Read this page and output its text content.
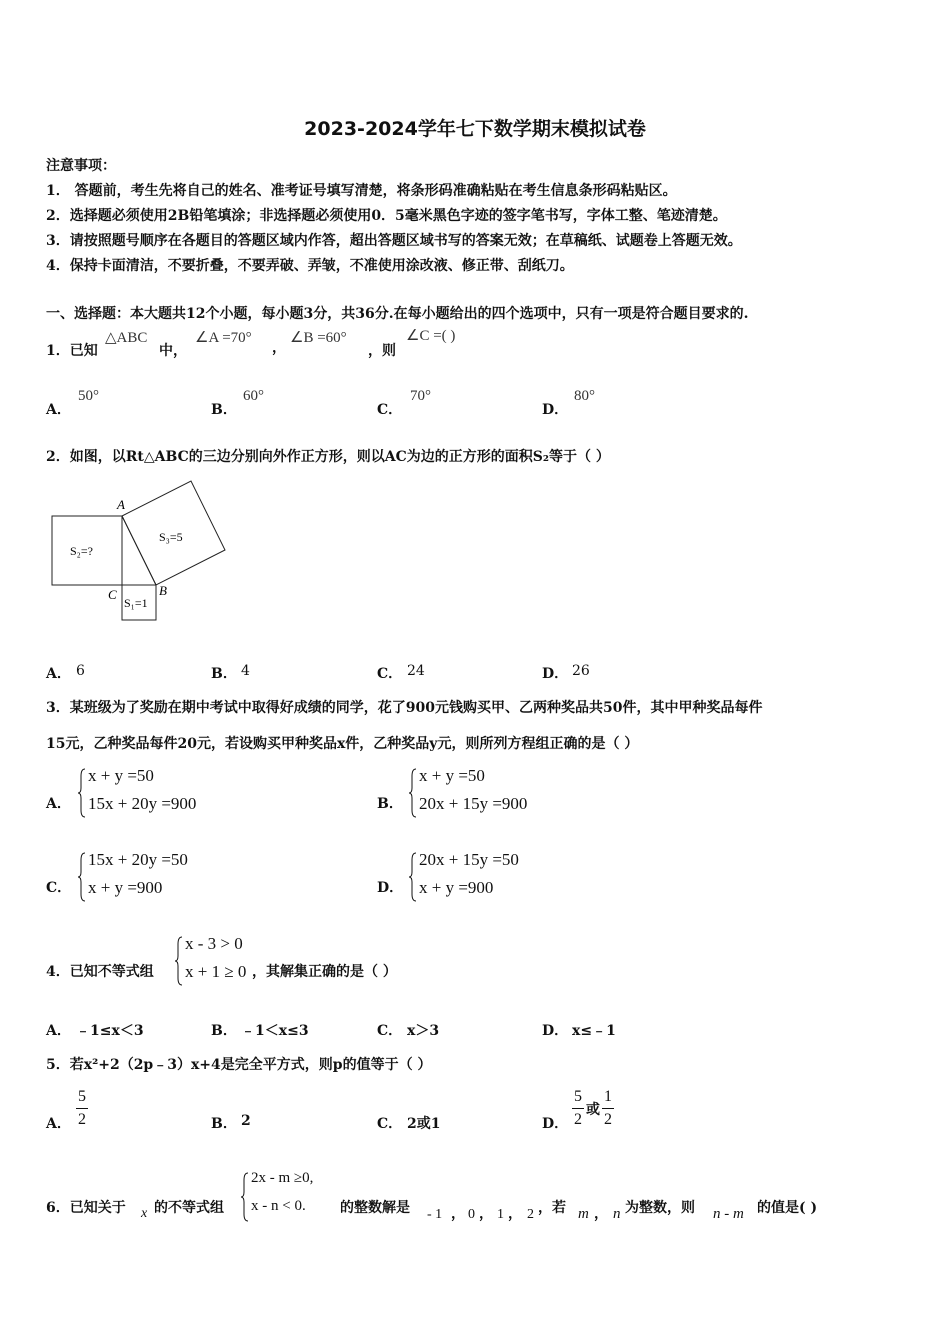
2023-2024学年七下数学期末模拟试卷
注意事项：
1． 答题前，考生先将自己的姓名、准考证号填写清楚，将条形码准确粘贴在考生信息条形码粘贴区。
2．选择题必须使用2B铅笔填涂；非选择题必须使用0．5毫米黑色字迹的签字笔书写，字体工整、笔迹清楚。
3．请按照题号顺序在各题目的答题区域内作答，超出答题区域书写的答案无效；在草稿纸、试题卷上答题无效。
4．保持卡面清洁，不要折叠，不要弄破、弄皱，不准使用涂改液、修正带、刮纸刀。
一、选择题：本大题共12个小题，每小题3分，共36分.在每小题给出的四个选项中，只有一项是符合题目要求的.
1．已知
△ABC
中，
∠A =70°
，
∠B =60°
，则
∠C =( )
A．
50°
B．
60°
C．
70°
D．
80°
2．如图，以Rt△ABC的三边分别向外作正方形，则以AC为边的正方形的面积S₂等于（ ）
A
C	B
S₂=?
S₁=1
S₃=5
A． 6	B． 4	C． 24	D． 26
3．某班级为了奖励在期中考试中取得好成绩的同学，花了900元钱购买甲、乙两种奖品共50件，其中甲种奖品每件
15元，乙种奖品每件20元，若设购买甲种奖品x件，乙种奖品y元，则所列方程组正确的是（ ）
A．
x + y =50
15x + 20y =900	B．
x + y =50
20x + 15y =900
C．
15x + 20y =50
x + y =900	D．
20x + 15y =50
x + y =900
4．已知不等式组
x - 3 > 0
x + 1 ≥ 0 ，其解集正确的是（ ）
A． ﹣1≤x＜3	B． ﹣1＜x≤3	C． x＞3	D． x≤﹣1
5．若x²+2（2p﹣3）x+4是完全平方式，则p的值等于（ ）
A． $\frac{5}{2}$	B． 2	C． 2或1	D． $\frac{5}{2}$ 或 $\frac{1}{2}$
6．已知关于 x 的不等式组
2x - m ≥0,
x - n < 0. 的整数解是 - 1 ， 0 ， 1 ， 2 ，若 m ， n 为整数，则 n - m 的值是( )
